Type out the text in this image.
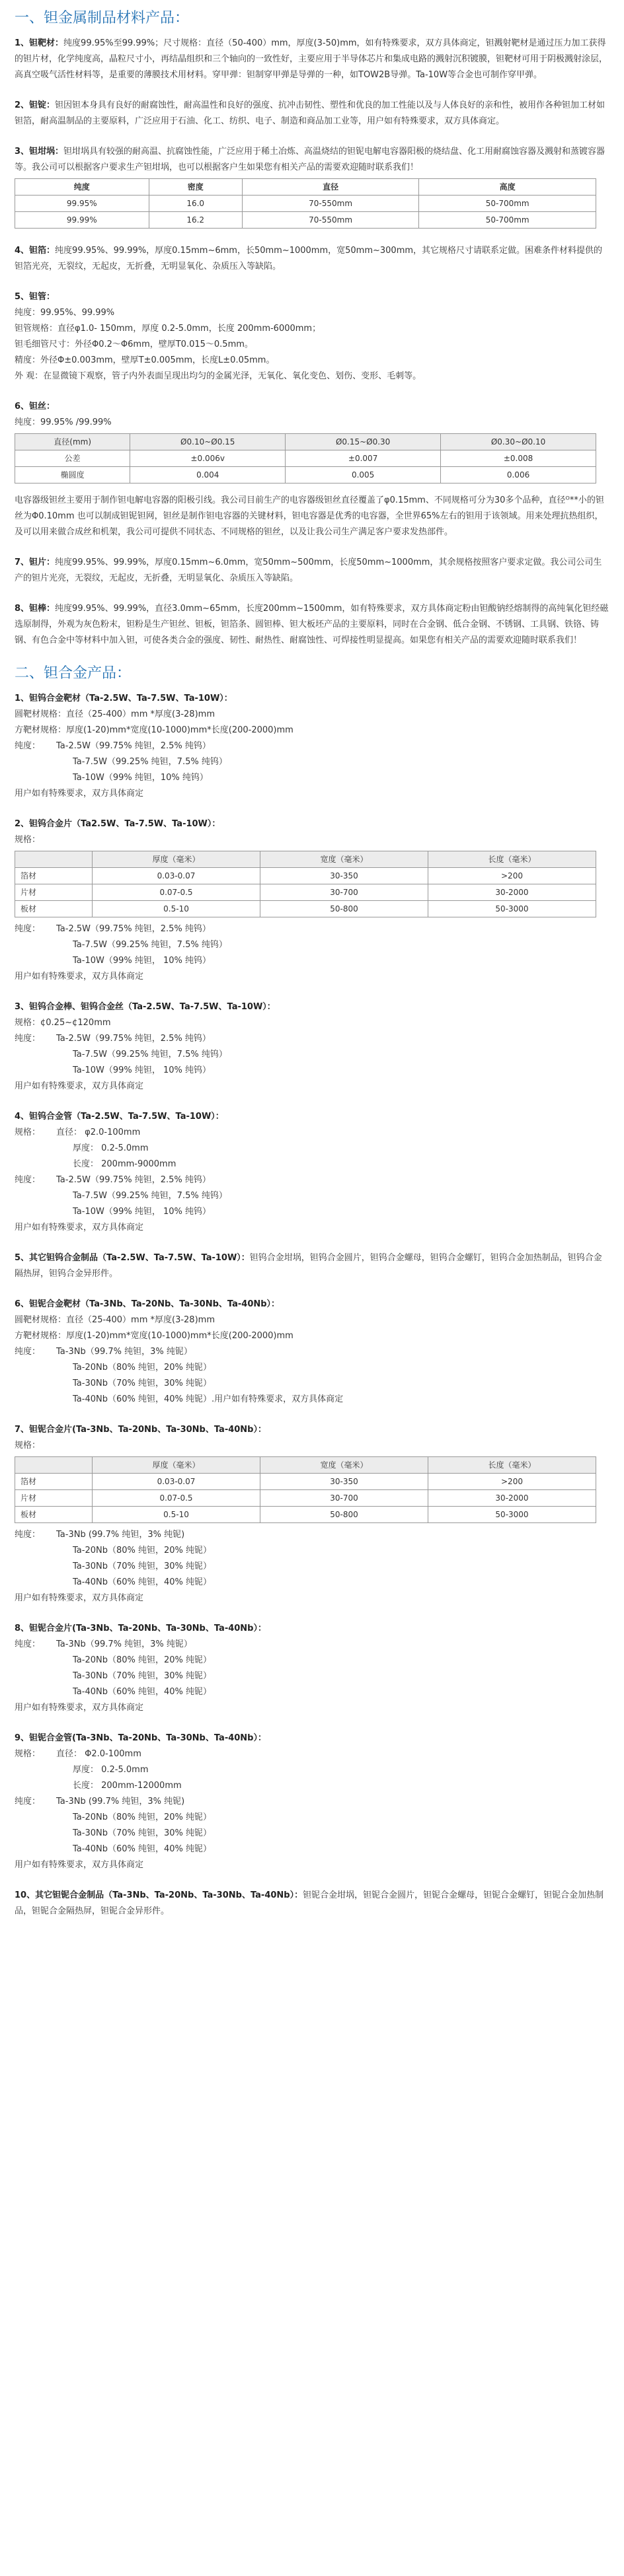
一、钽金属制品材料产品：

1、钽靶材：纯度99.95%至99.99%；尺寸规格：直径（50-400）mm，厚度(3-50)mm，如有特殊要求，双方具体商定，钽溅射靶材是通过压力加工获得的钽片材，化学纯度高，晶粒尺寸小，再结晶组织和三个轴向的一致性好，主要应用于半导体芯片和集成电路的溅射沉积镀膜，钽靶材可用于阴极溅射涂层，高真空吸气活性材料等，是重要的薄膜技术用材料。穿甲弹：钽制穿甲弹是导弹的一种，如TOW2B导弹。Ta-10W等合金也可制作穿甲弹。

2、钽锭：钽因钽本身具有良好的耐腐蚀性，耐高温性和良好的强度、抗冲击韧性、塑性和优良的加工性能以及与人体良好的亲和性，被用作各种钽加工材如钽箔，耐高温制品的主要原料，广泛应用于石油、化工、纺织、电子、制造和商品加工业等，用户如有特殊要求，双方具体商定。

3、钽坩埚：钽坩埚具有较强的耐高温、抗腐蚀性能，广泛应用于稀土冶炼、高温烧结的钽铌电解电容器阳极的烧结盘、化工用耐腐蚀容器及溅射和蒸镀容器等。我公司可以根据客户要求生产钽坩埚，也可以根据客户生如果您有相关产品的需要欢迎随时联系我们！

纯度	密度	直径	高度
99.95%	16.0	70-550mm	50-700mm
99.99%	16.2	70-550mm	50-700mm

4、钽箔：纯度99.95%、99.99%，厚度0.15mm~6mm，长50mm~1000mm，宽50mm~300mm，其它规格尺寸请联系定做。困难条件材料提供的钽箔光亮，无裂纹，无起皮，无折叠，无明显氧化、杂质压入等缺陷。

5、钽管：

纯度：99.95%、99.99%

钽管规格：直径φ1.0- 150mm，厚度 0.2-5.0mm，长度 200mm-6000mm；

钽毛细管尺寸：外径Φ0.2～Φ6mm，壁厚T0.015～0.5mm。

精度：外径Φ±0.003mm，壁厚T±0.005mm，长度L±0.05mm。

外 观：在显微镜下观察，管子内外表面呈现出均匀的金属光泽，无氧化、氧化变色、划伤、变形、毛刺等。

6、钽丝：

纯度：99.95% /99.99%

直径(mm)	Ø0.10~Ø0.15	Ø0.15~Ø0.30	Ø0.30~Ø0.10
公差	±0.006v	±0.007	±0.008
椭圆度	0.004	0.005	0.006

电容器级钽丝主要用于制作钽电解电容器的阳极引线。我公司目前生产的电容器级钽丝直径覆盖了φ0.15mm、不同规格可分为30多个品种，直径ᴼ**小的钽丝为Φ0.10mm 也可以制成钽铌钽网，钽丝是制作钽电容器的关键材料，钽电容器是优秀的电容器，全世界65%左右的钽用于该领域。用来处理抗热组织，及可以用来做合成丝和机架，我公司可提供不同状态、不同规格的钽丝，以及让我公司生产满足客户要求发热部件。

7、钽片：纯度99.95%、99.99%，厚度0.15mm~6.0mm，宽50mm~500mm，长度50mm~1000mm，其余规格按照客户要求定做。我公司公司生产的钽片光亮，无裂纹，无起皮，无折叠，无明显氧化、杂质压入等缺陷。

8、钽棒：纯度99.95%、99.99%，直径3.0mm~65mm，长度200mm~1500mm，如有特殊要求，双方具体商定粉由钽酸钠经熔制得的高纯氧化钽经磁选原制得，外观为灰色粉末，钽粉是生产钽丝、钽板，钽箔条、圆钽棒、钽大板坯产品的主要原料，同时在合金钢、低合金钢、不锈钢、工具钢、铁铬、铸钢、有色合金中等材料中加入钽，可使各类合金的强度、韧性、耐热性、耐腐蚀性、可焊接性明显提高。如果您有相关产品的需要欢迎随时联系我们！

二、钽合金产品：

1、钽钨合金靶材（Ta-2.5W、Ta-7.5W、Ta-10W）：

圆靶材规格：直径（25-400）mm *厚度(3-28)mm

方靶材规格：厚度(1-20)mm*宽度(10-1000)mm*长度(200-2000)mm

纯度： Ta-2.5W（99.75% 纯钽，2.5% 纯钨）

Ta-7.5W（99.25% 纯钽，7.5% 纯钨）

Ta-10W（99% 纯钽，10% 纯钨）

用户如有特殊要求，双方具体商定

2、钽钨合金片（Ta2.5W、Ta-7.5W、Ta-10W）：

规格：

	厚度（毫米）	宽度（毫米）	长度（毫米）
箔材	0.03-0.07	30-350	>200
片材	0.07-0.5	30-700	30-2000
板材	0.5-10	50-800	50-3000

纯度： Ta-2.5W（99.75% 纯钽，2.5% 纯钨）

Ta-7.5W（99.25% 纯钽，7.5% 纯钨）

Ta-10W（99% 纯钽， 10% 纯钨）

用户如有特殊要求，双方具体商定

3、钽钨合金棒、钽钨合金丝（Ta-2.5W、Ta-7.5W、Ta-10W）：

规格：¢0.25~¢120mm

纯度： Ta-2.5W（99.75% 纯钽，2.5% 纯钨）

Ta-7.5W（99.25% 纯钽，7.5% 纯钨）

Ta-10W（99% 纯钽， 10% 纯钨）

用户如有特殊要求，双方具体商定

4、钽钨合金管（Ta-2.5W、Ta-7.5W、Ta-10W）：

规格： 直径： φ2.0-100mm

厚度： 0.2-5.0mm

长度： 200mm-9000mm

纯度： Ta-2.5W（99.75% 纯钽，2.5% 纯钨）

Ta-7.5W（99.25% 纯钽，7.5% 纯钨）

Ta-10W（99% 纯钽， 10% 纯钨）

用户如有特殊要求，双方具体商定

5、其它钽钨合金制品（Ta-2.5W、Ta-7.5W、Ta-10W）：钽钨合金坩埚，钽钨合金圆片，钽钨合金螺母，钽钨合金螺钉，钽钨合金加热制品，钽钨合金隔热屏，钽钨合金异形件。

6、钽铌合金靶材（Ta-3Nb、Ta-20Nb、Ta-30Nb、Ta-40Nb）：

圆靶材规格：直径（25-400）mm *厚度(3-28)mm

方靶材规格：厚度(1-20)mm*宽度(10-1000)mm*长度(200-2000)mm

纯度： Ta-3Nb（99.7% 纯钽，3% 纯铌）

Ta-20Nb（80% 纯钽，20% 纯铌）

Ta-30Nb（70% 纯钽，30% 纯铌）

Ta-40Nb（60% 纯钽，40% 纯铌）.用户如有特殊要求，双方具体商定

7、钽铌合金片(Ta-3Nb、Ta-20Nb、Ta-30Nb、Ta-40Nb）：

规格：

	厚度（毫米）	宽度（毫米）	长度（毫米）
箔材	0.03-0.07	30-350	>200
片材	0.07-0.5	30-700	30-2000
板材	0.5-10	50-800	50-3000

纯度： Ta-3Nb (99.7% 纯钽，3% 纯铌)

Ta-20Nb（80% 纯钽，20% 纯铌）

Ta-30Nb（70% 纯钽，30% 纯铌）

Ta-40Nb（60% 纯钽，40% 纯铌）

用户如有特殊要求，双方具体商定

8、钽铌合金片(Ta-3Nb、Ta-20Nb、Ta-30Nb、Ta-40Nb）：

纯度： Ta-3Nb（99.7% 纯钽，3% 纯铌）

Ta-20Nb（80% 纯钽，20% 纯铌）

Ta-30Nb（70% 纯钽，30% 纯铌）

Ta-40Nb（60% 纯钽，40% 纯铌）

用户如有特殊要求，双方具体商定

9、钽铌合金管(Ta-3Nb、Ta-20Nb、Ta-30Nb、Ta-40Nb）：

规格： 直径： Φ2.0-100mm

厚度： 0.2-5.0mm

长度： 200mm-12000mm

纯度： Ta-3Nb (99.7% 纯钽，3% 纯铌)

Ta-20Nb（80% 纯钽，20% 纯铌）

Ta-30Nb（70% 纯钽，30% 纯铌）

Ta-40Nb（60% 纯钽，40% 纯铌）

用户如有特殊要求，双方具体商定

10、其它钽铌合金制品（Ta-3Nb、Ta-20Nb、Ta-30Nb、Ta-40Nb）：钽铌合金坩埚，钽铌合金圆片，钽铌合金螺母，钽铌合金螺钉，钽铌合金加热制品，钽铌合金隔热屏，钽铌合金异形件。
